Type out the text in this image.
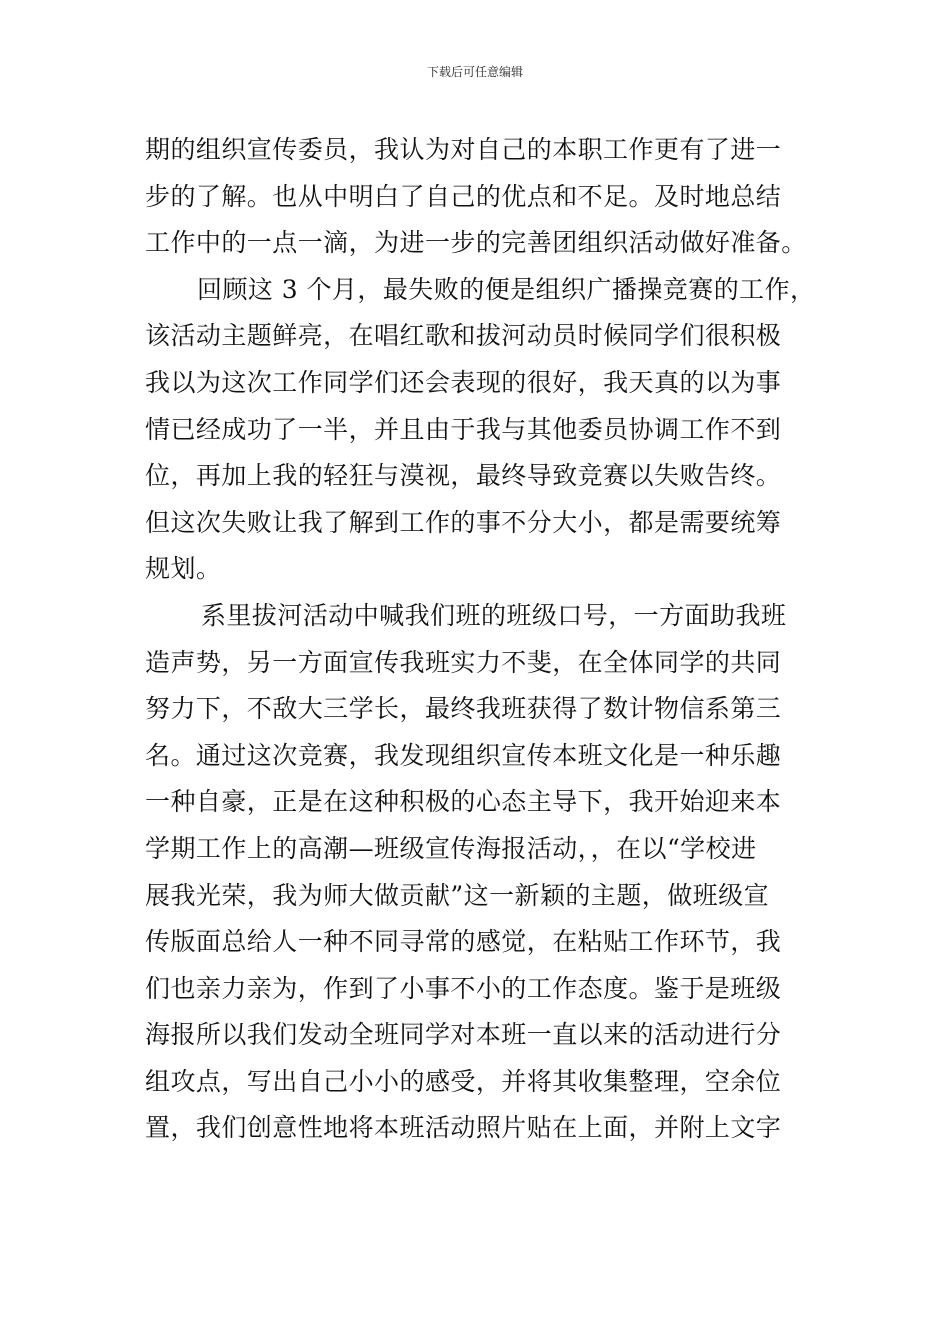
下载后可任意编辑
期的组织宣传委员，我认为对自己的本职工作更有了进一
步的了解。也从中明白了自己的优点和不足。及时地总结
工作中的一点一滴，为进一步的完善团组织活动做好准备。
回顾这 3 个月，最失败的便是组织广播操竞赛的工作，
该活动主题鲜亮，在唱红歌和拔河动员时候同学们很积极
我以为这次工作同学们还会表现的很好，我天真的以为事
情已经成功了一半，并且由于我与其他委员协调工作不到
位，再加上我的轻狂与漠视，最终导致竞赛以失败告终。
但这次失败让我了解到工作的事不分大小，都是需要统筹
规划。
系里拔河活动中喊我们班的班级口号，一方面助我班
造声势，另一方面宣传我班实力不斐，在全体同学的共同
努力下，不敌大三学长，最终我班获得了数计物信系第三
名。通过这次竞赛，我发现组织宣传本班文化是一种乐趣
一种自豪，正是在这种积极的心态主导下，我开始迎来本
学期工作上的高潮—班级宣传海报活动，，在以“学校进
展我光荣，我为师大做贡献”这一新颖的主题，做班级宣
传版面总给人一种不同寻常的感觉，在粘贴工作环节，我
们也亲力亲为，作到了小事不小的工作态度。鉴于是班级
海报所以我们发动全班同学对本班一直以来的活动进行分
组攻点，写出自己小小的感受，并将其收集整理，空余位
置，我们创意性地将本班活动照片贴在上面，并附上文字
